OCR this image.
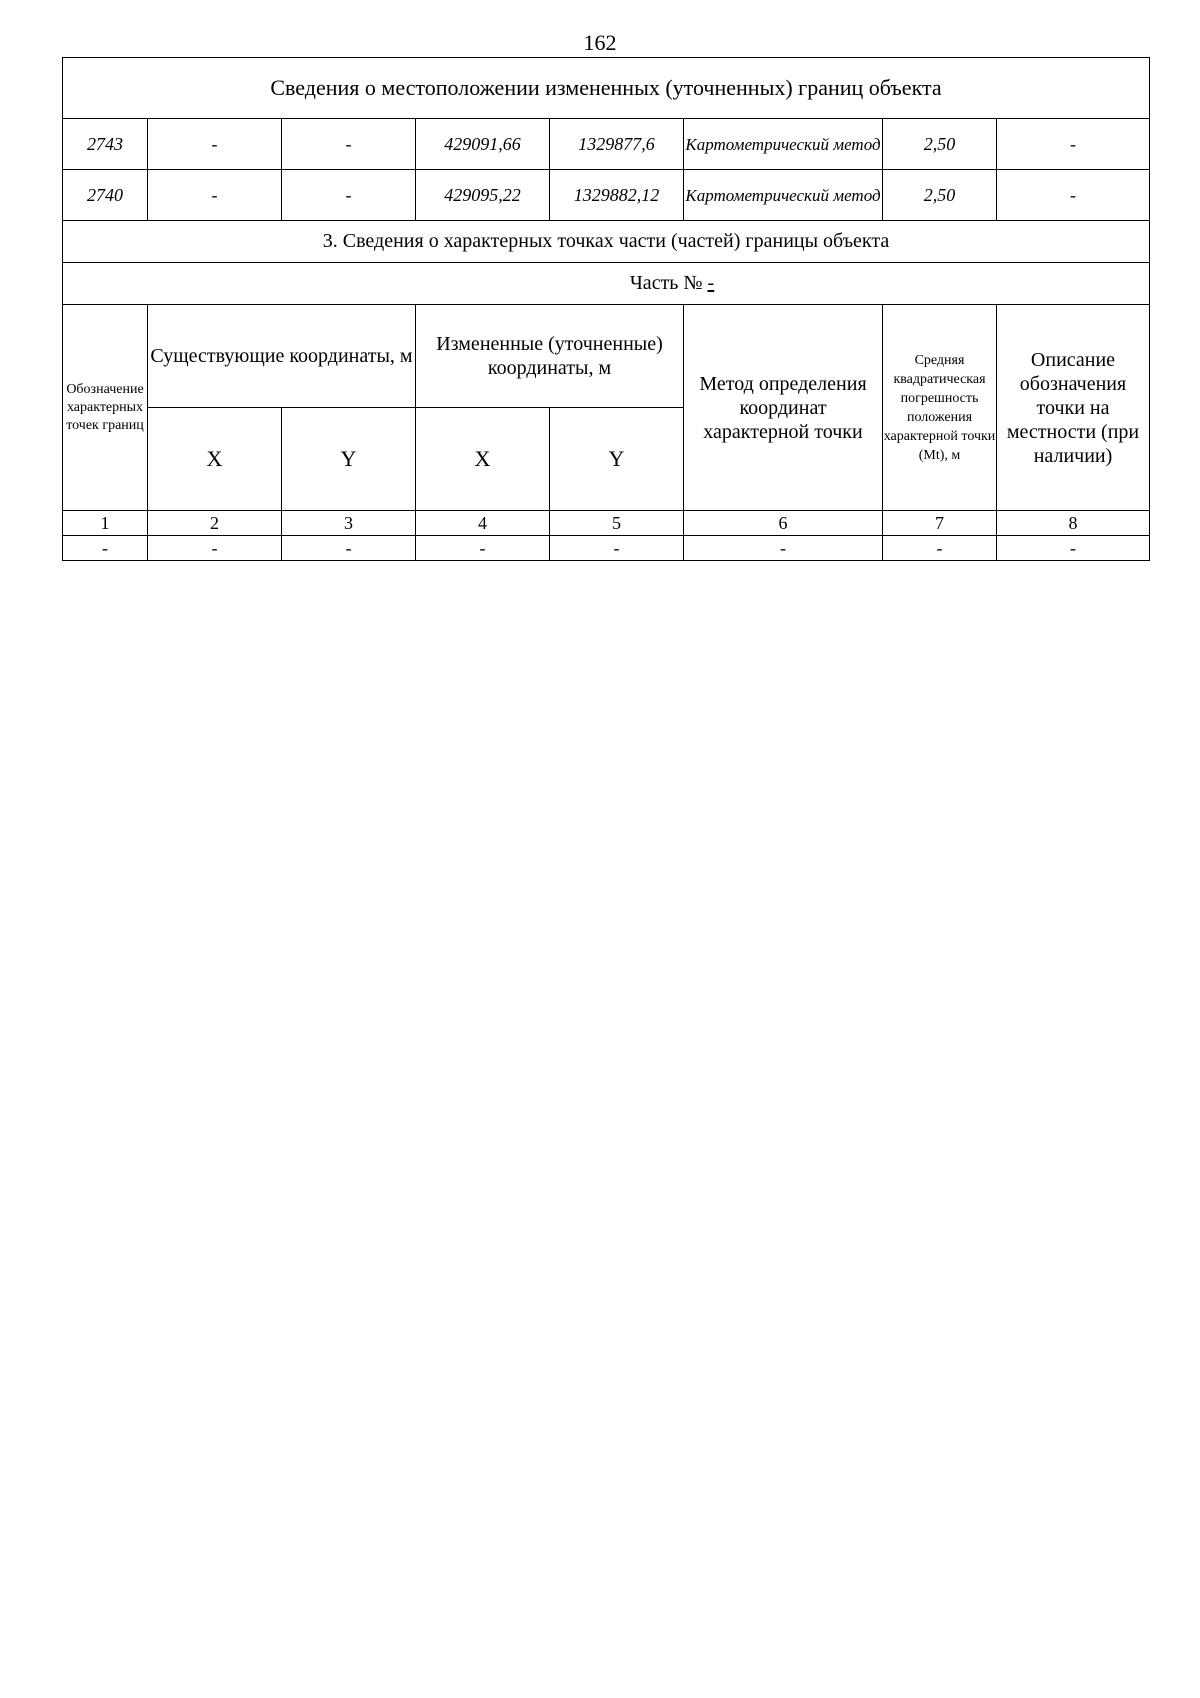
162
Сведения о местоположении измененных (уточненных) границ объекта							
2743	-	-	429091,66	1329877,6	Картометрический метод	2,50	-
2740	-	-	429095,22	1329882,12	Картометрический метод	2,50	-
3. Сведения о характерных точках части (частей) границы объекта							
Часть № -							
Обозначение характерных точек границ	Существующие координаты, м		Измененные (уточненные) координаты, м		Метод определения координат характерной точки	Средняя квадратическая погрешность положения характерной точки (Mt), м	Описание обозначения точки на местности (при наличии)
	X	Y	X	Y			
1	2	3	4	5	6	7	8
-	-	-	-	-	-	-	-
